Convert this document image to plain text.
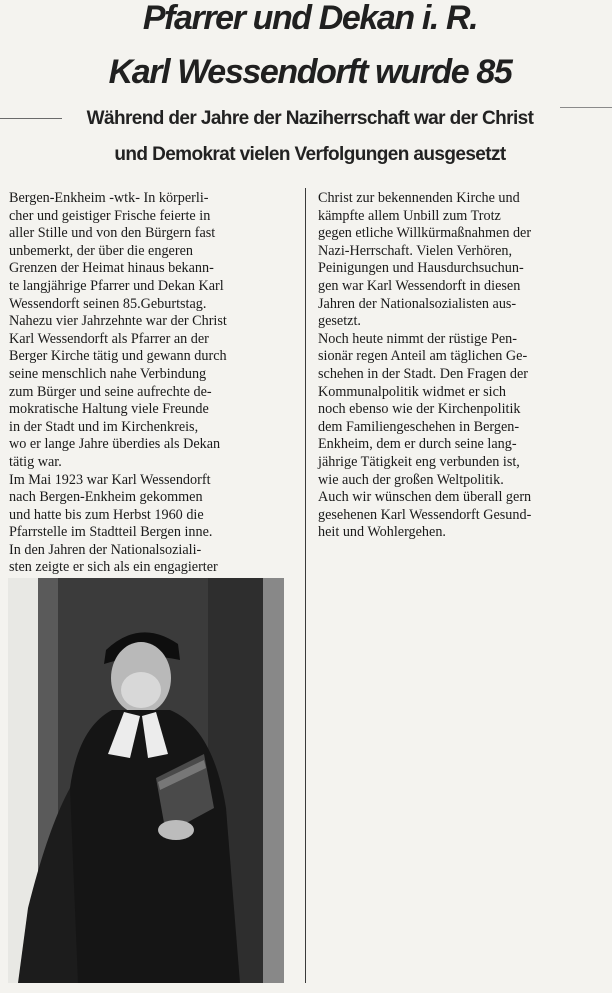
Pfarrer und Dekan i. R.
Karl Wessendorft wurde 85
Während der Jahre der Naziherrschaft war der Christ
und Demokrat vielen Verfolgungen ausgesetzt
Bergen-Enkheim -wtk- In körperli-
cher und geistiger Frische feierte in
aller Stille und von den Bürgern fast
unbemerkt, der über die engeren
Grenzen der Heimat hinaus bekann-
te langjährige Pfarrer und Dekan Karl
Wessendorft seinen 85.Geburtstag.
Nahezu vier Jahrzehnte war der Christ
Karl Wessendorft als Pfarrer an der
Berger Kirche tätig und gewann durch
seine menschlich nahe Verbindung
zum Bürger und seine aufrechte de-
mokratische Haltung viele Freunde
in der Stadt und im Kirchenkreis,
wo er lange Jahre überdies als Dekan
tätig war.
Im Mai 1923 war Karl Wessendorft
nach Bergen-Enkheim gekommen
und hatte bis zum Herbst 1960 die
Pfarrstelle im Stadtteil Bergen inne.
In den Jahren der Nationalsoziali-
sten zeigte er sich als ein engagierter
Christ zur bekennenden Kirche und
kämpfte allem Unbill zum Trotz
gegen etliche Willkürmaßnahmen der
Nazi-Herrschaft. Vielen Verhören,
Peinigungen und Hausdurchsuchun-
gen war Karl Wessendorft in diesen
Jahren der Nationalsozialisten aus-
gesetzt.
Noch heute nimmt der rüstige Pen-
sionär regen Anteil am täglichen Ge-
schehen in der Stadt. Den Fragen der
Kommunalpolitik widmet er sich
noch ebenso wie der Kirchenpolitik
dem Familiengeschehen in Bergen-
Enkheim, dem er durch seine lang-
jährige Tätigkeit eng verbunden ist,
wie auch der großen Weltpolitik.
Auch wir wünschen dem überall gern
gesehenen Karl Wessendorft Gesund-
heit und Wohlergehen.
